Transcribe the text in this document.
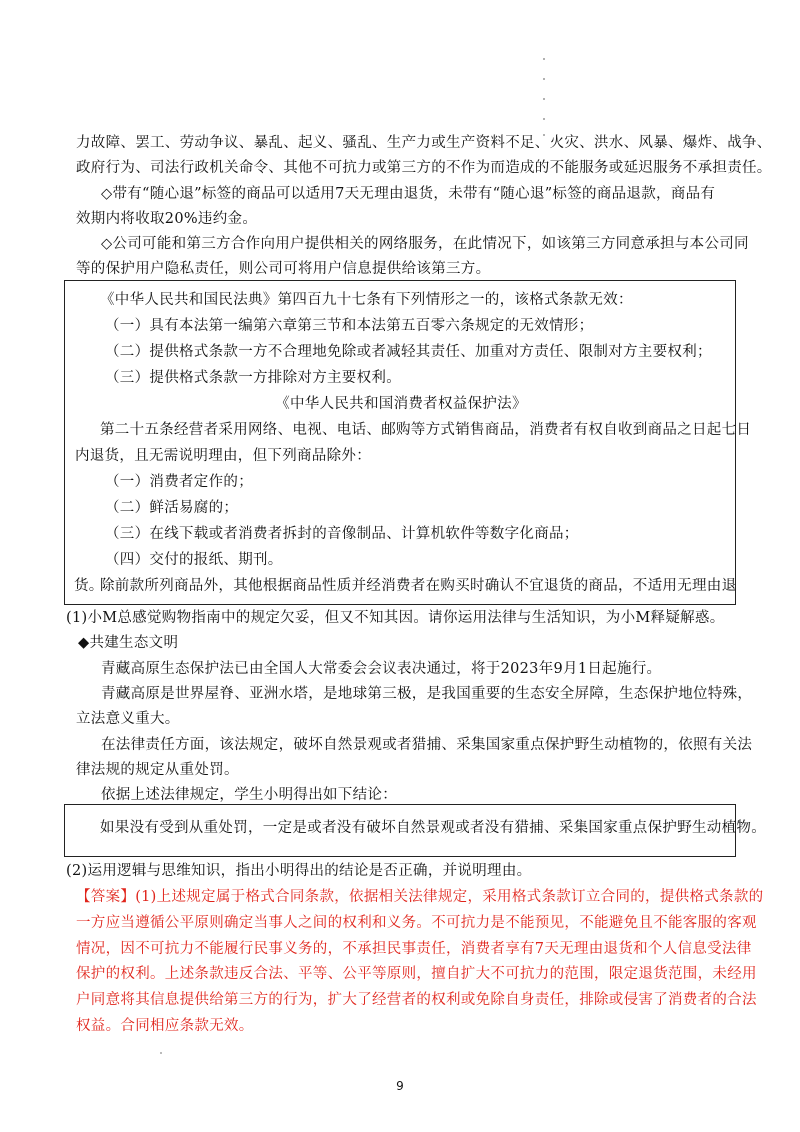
力故障、罢工、劳动争议、暴乱、起义、骚乱、生产力或生产资料不足、火灾、洪水、风暴、爆炸、战争、
政府行为、司法行政机关命令、其他不可抗力或第三方的不作为而造成的不能服务或延迟服务不承担责任。
◇带有“随心退”标签的商品可以适用7天无理由退货，未带有“随心退”标签的商品退款，商品有
效期内将收取20%违约金。
◇公司可能和第三方合作向用户提供相关的网络服务，在此情况下，如该第三方同意承担与本公司同
等的保护用户隐私责任，则公司可将用户信息提供给该第三方。
《中华人民共和国民法典》第四百九十七条有下列情形之一的，该格式条款无效：
（一）具有本法第一编第六章第三节和本法第五百零六条规定的无效情形；
（二）提供格式条款一方不合理地免除或者减轻其责任、加重对方责任、限制对方主要权利；
（三）提供格式条款一方排除对方主要权利。
《中华人民共和国消费者权益保护法》
第二十五条经营者采用网络、电视、电话、邮购等方式销售商品，消费者有权自收到商品之日起七日
内退货，且无需说明理由，但下列商品除外：
（一）消费者定作的；
（二）鲜活易腐的；
（三）在线下载或者消费者拆封的音像制品、计算机软件等数字化商品；
（四）交付的报纸、期刊。
除前款所列商品外，其他根据商品性质并经消费者在购买时确认不宜退货的商品，不适用无理由退
货。
(1)小M总感觉购物指南中的规定欠妥，但又不知其因。请你运用法律与生活知识，为小M释疑解惑。
◆共建生态文明
青藏高原生态保护法已由全国人大常委会会议表决通过，将于2023年9月1日起施行。
青藏高原是世界屋脊、亚洲水塔，是地球第三极，是我国重要的生态安全屏障，生态保护地位特殊，
立法意义重大。
在法律责任方面，该法规定，破坏自然景观或者猎捕、采集国家重点保护野生动植物的，依照有关法
律法规的规定从重处罚。
依据上述法律规定，学生小明得出如下结论：
如果没有受到从重处罚，一定是或者没有破坏自然景观或者没有猎捕、采集国家重点保护野生动植物。
(2)运用逻辑与思维知识，指出小明得出的结论是否正确，并说明理由。
【答案】(1)上述规定属于格式合同条款，依据相关法律规定，采用格式条款订立合同的，提供格式条款的
一方应当遵循公平原则确定当事人之间的权利和义务。不可抗力是不能预见，不能避免且不能客服的客观
情况，因不可抗力不能履行民事义务的，不承担民事责任，消费者享有7天无理由退货和个人信息受法律
保护的权利。上述条款违反合法、平等、公平等原则，擅自扩大不可抗力的范围，限定退货范围，未经用
户同意将其信息提供给第三方的行为，扩大了经营者的权利或免除自身责任，排除或侵害了消费者的合法
权益。合同相应条款无效。
9
